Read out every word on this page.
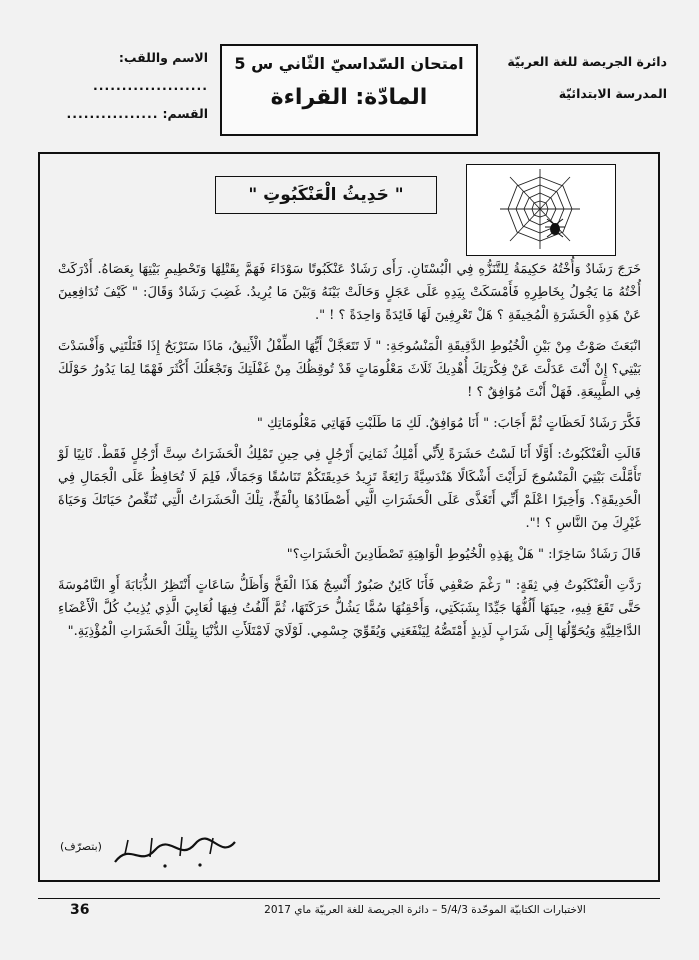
دائرة الجريصة للغة العربيّة
المدرسة الابتدائيّة
امتحان السّداسيّ الثّاني س 5
المادّة: القراءة
الاسم واللقب:
....................
القسم:
................
" حَدِيثُ الْعَنْكَبُوتِ "

خَرَجَ رَشَادٌ وَأُخْتُهُ حَكِيمَةُ لِلتَّنَزُّهِ فِي الْبُسْتَانِ. رَأَى رَشَادٌ عَنْكَبُوتًا سَوْدَاءَ فَهَمَّ بِقَتْلِهَا وَتَحْطِيمِ بَيْتِهَا بِعَصَاهُ. أَدْرَكَتْ أُخْتُهُ مَا يَجُولُ بِخَاطِرِهِ فَأَمْسَكَتْ بِيَدِهِ عَلَى عَجَلٍ وَحَالَتْ بَيْنَهُ وَبَيْنَ مَا يُرِيدُ. غَضِبَ رَشَادٌ وَقَالَ: " كَيْفَ تُدَافِعِينَ عَنْ هَذِهِ الْحَشَرَةِ الْمُخِيفَةِ ؟ هَلْ تَعْرِفِينَ لَهَا فَائِدَةً وَاحِدَةً ؟ ! ".

انْبَعَثَ صَوْتٌ مِنْ بَيْنِ الْخُيُوطِ الدَّقِيقَةِ الْمَنْسُوجَةِ: " لَا تَتَعَجَّلْ أَيُّهَا الطِّفْلُ الْأَنِيقُ، مَاذَا سَتَرْبَحُ إِذَا قَتَلْتَنِي وَأَفْسَدْتَ بَيْتِي؟ إِنْ أَنْتَ عَدَلْتَ عَنْ فِكْرَتِكَ أُهْدِيكَ ثَلَاثَ مَعْلُومَاتٍ قَدْ تُوقِظُكَ مِنْ غَفْلَتِكَ وَتَجْعَلُكَ أَكْثَرَ فَهْمًا لِمَا يَدُورُ حَوْلَكَ فِي الطَّبِيعَةِ. فَهَلْ أَنْتَ مُوَافِقٌ ؟ !

فَكَّرَ رَشَادٌ لَحَظَاتٍ ثُمَّ أَجَابَ: " أَنَا مُوَافِقٌ. لَكِ مَا طَلَبْتِ فَهَاتِي مَعْلُومَاتِكِ "

قَالَتِ الْعَنْكَبُوتُ: أَوَّلًا أَنَا لَسْتُ حَشَرَةً لِأَنِّي أَمْلِكُ ثَمَانِيَ أَرْجُلٍ فِي حِينِ تَمْلِكُ الْحَشَرَاتُ سِتَّ أَرْجُلٍ فَقَطْ. ثَانِيًا لَوْ تَأَمَّلْتَ بَيْتِيَ الْمَنْسُوجَ لَرَأَيْتَ أَشْكَالًا هَنْدَسِيَّةً رَائِعَةً تَزِيدُ حَدِيقَتَكُمْ تَنَاسُقًا وَجَمَالًا، فَلِمَ لَا تُحَافِظُ عَلَى الْجَمَالِ فِي الْحَدِيقَةِ؟. وَأَخِيرًا اعْلَمْ أَنِّي أَتَغَذَّى عَلَى الْحَشَرَاتِ الَّتِي أَصْطَادُهَا بِالْفَخِّ، تِلْكَ الْحَشَرَاتُ الَّتِي تُنَغِّصُ حَيَاتَكَ وَحَيَاةَ غَيْرِكَ مِنَ النَّاسِ ؟ !".

قَالَ رَشَادٌ سَاخِرًا: " هَلْ بِهَذِهِ الْخُيُوطِ الْوَاهِيَةِ تَصْطَادِينَ الْحَشَرَاتِ؟"

رَدَّتِ الْعَنْكَبُوتُ فِي ثِقَةٍ: " رَغْمَ ضَعْفِي فَأَنَا كَائِنٌ صَبُورٌ أَنْسِجُ هَذَا الْفَخَّ وَأَظَلُّ سَاعَاتٍ أَنْتَظِرُ الذُّبَابَةَ أَوِ النَّامُوسَةَ حَتَّى تَقَعَ فِيهِ، حِينَهَا أَلُفُّهَا جَيِّدًا بِشَبَكَتِي، وَأَحْقِنُهَا سُمًّا يَشُلُّ حَرَكَتَهَا، ثُمَّ أَلْفُتُ فِيهَا لُعَابِيَ الَّذِي يُذِيبُ كُلَّ الْأَعْضَاءِ الدَّاخِلِيَّةِ وَيُحَوِّلُهَا إِلَى شَرَابٍ لَذِيذٍ أَمْتَصُّهُ لِيَنْفَعَنِي وَيُقَوِّيَ جِسْمِي. لَوْلَايَ لَامْتَلَأَتِ الدُّنْيَا بِتِلْكَ الْحَشَرَاتِ الْمُؤْذِيَةِ."

(بتصرّف)
36	الاختبارات الكتابيّة الموحّدة 5/4/3 – دائرة الجريصة للغة العربيّة ماي 2017
